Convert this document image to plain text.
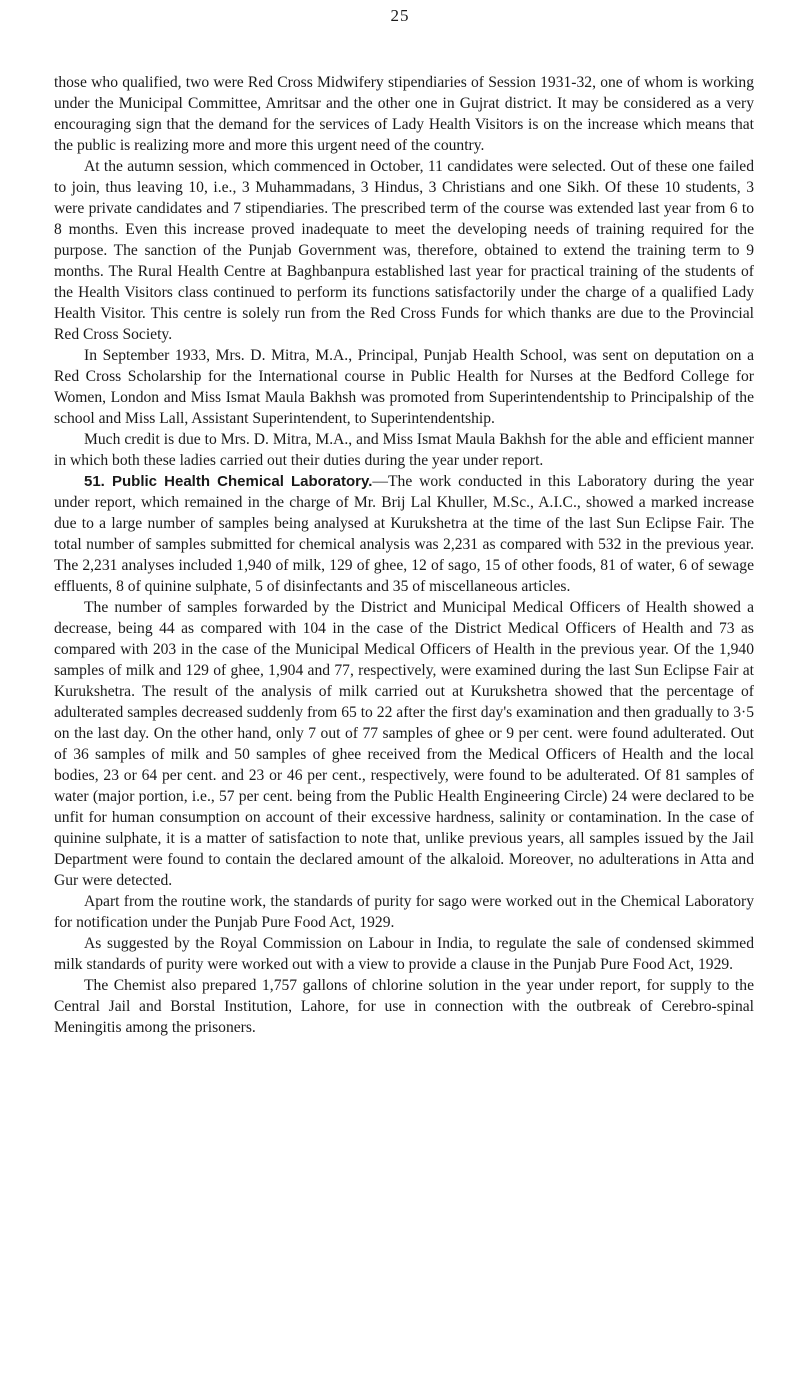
25

those who qualified, two were Red Cross Midwifery stipendiaries of Session 1931-32, one of whom is working under the Municipal Committee, Amritsar and the other one in Gujrat district. It may be considered as a very encouraging sign that the demand for the services of Lady Health Visitors is on the increase which means that the public is realizing more and more this urgent need of the country.

At the autumn session, which commenced in October, 11 candidates were selected. Out of these one failed to join, thus leaving 10, i.e., 3 Muhammadans, 3 Hindus, 3 Christians and one Sikh. Of these 10 students, 3 were private candidates and 7 stipendiaries. The prescribed term of the course was extended last year from 6 to 8 months. Even this increase proved inadequate to meet the developing needs of training required for the purpose. The sanction of the Punjab Government was, therefore, obtained to extend the training term to 9 months. The Rural Health Centre at Baghbanpura established last year for practical training of the students of the Health Visitors class continued to perform its functions satisfactorily under the charge of a qualified Lady Health Visitor. This centre is solely run from the Red Cross Funds for which thanks are due to the Provincial Red Cross Society.

In September 1933, Mrs. D. Mitra, M.A., Principal, Punjab Health School, was sent on deputation on a Red Cross Scholarship for the International course in Public Health for Nurses at the Bedford College for Women, London and Miss Ismat Maula Bakhsh was promoted from Superintendentship to Principalship of the school and Miss Lall, Assistant Superintendent, to Superintendentship.

Much credit is due to Mrs. D. Mitra, M.A., and Miss Ismat Maula Bakhsh for the able and efficient manner in which both these ladies carried out their duties during the year under report.

51. Public Health Chemical Laboratory.—The work conducted in this Laboratory during the year under report, which remained in the charge of Mr. Brij Lal Khuller, M.Sc., A.I.C., showed a marked increase due to a large number of samples being analysed at Kurukshetra at the time of the last Sun Eclipse Fair. The total number of samples submitted for chemical analysis was 2,231 as compared with 532 in the previous year. The 2,231 analyses included 1,940 of milk, 129 of ghee, 12 of sago, 15 of other foods, 81 of water, 6 of sewage effluents, 8 of quinine sulphate, 5 of disinfectants and 35 of miscellaneous articles.

The number of samples forwarded by the District and Municipal Medical Officers of Health showed a decrease, being 44 as compared with 104 in the case of the District Medical Officers of Health and 73 as compared with 203 in the case of the Municipal Medical Officers of Health in the previous year. Of the 1,940 samples of milk and 129 of ghee, 1,904 and 77, respectively, were examined during the last Sun Eclipse Fair at Kurukshetra. The result of the analysis of milk carried out at Kurukshetra showed that the percentage of adulterated samples decreased suddenly from 65 to 22 after the first day's examination and then gradually to 3·5 on the last day. On the other hand, only 7 out of 77 samples of ghee or 9 per cent. were found adulterated. Out of 36 samples of milk and 50 samples of ghee received from the Medical Officers of Health and the local bodies, 23 or 64 per cent. and 23 or 46 per cent., respectively, were found to be adulterated. Of 81 samples of water (major portion, i.e., 57 per cent. being from the Public Health Engineering Circle) 24 were declared to be unfit for human consumption on account of their excessive hardness, salinity or contamination. In the case of quinine sulphate, it is a matter of satisfaction to note that, unlike previous years, all samples issued by the Jail Department were found to contain the declared amount of the alkaloid. Moreover, no adulterations in Atta and Gur were detected.

Apart from the routine work, the standards of purity for sago were worked out in the Chemical Laboratory for notification under the Punjab Pure Food Act, 1929.

As suggested by the Royal Commission on Labour in India, to regulate the sale of condensed skimmed milk standards of purity were worked out with a view to provide a clause in the Punjab Pure Food Act, 1929.

The Chemist also prepared 1,757 gallons of chlorine solution in the year under report, for supply to the Central Jail and Borstal Institution, Lahore, for use in connection with the outbreak of Cerebro-spinal Meningitis among the prisoners.
